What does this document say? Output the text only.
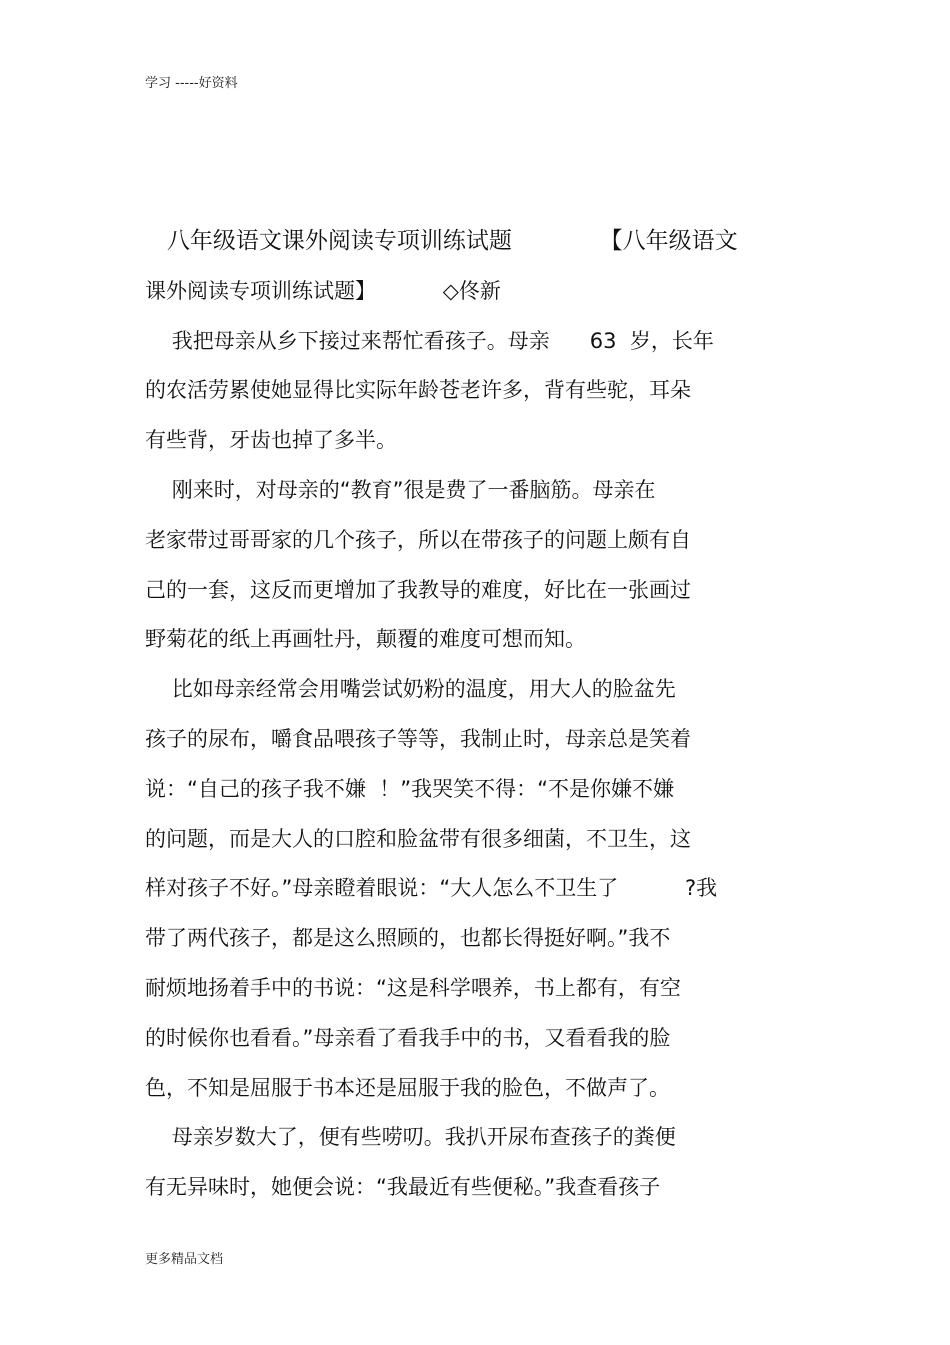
学习 -----好资料
八年级语文课外阅读专项训练试题            【八年级语文
课外阅读专项训练试题】          ◇佟新
我把母亲从乡下接过来帮忙看孩子。母亲      63  岁，长年
的农活劳累使她显得比实际年龄苍老许多，背有些驼，耳朵
有些背，牙齿也掉了多半。
刚来时，对母亲的“教育”很是费了一番脑筋。母亲在
老家带过哥哥家的几个孩子，所以在带孩子的问题上颇有自
己的一套，这反而更增加了我教导的难度，好比在一张画过
野菊花的纸上再画牡丹，颠覆的难度可想而知。
比如母亲经常会用嘴尝试奶粉的温度，用大人的脸盆先
孩子的尿布，嚼食品喂孩子等等，我制止时，母亲总是笑着
说：“自己的孩子我不嫌  ！”我哭笑不得：“不是你嫌不嫌
的问题，而是大人的口腔和脸盆带有很多细菌，不卫生，这
样对孩子不好。”母亲瞪着眼说：“大人怎么不卫生了          ?我
带了两代孩子，都是这么照顾的，也都长得挺好啊。”我不
耐烦地扬着手中的书说：“这是科学喂养，书上都有，有空
的时候你也看看。”母亲看了看我手中的书，又看看我的脸
色，不知是屈服于书本还是屈服于我的脸色，不做声了。
母亲岁数大了，便有些唠叨。我扒开尿布查孩子的粪便
有无异味时，她便会说：“我最近有些便秘。”我查看孩子
更多精品文档
